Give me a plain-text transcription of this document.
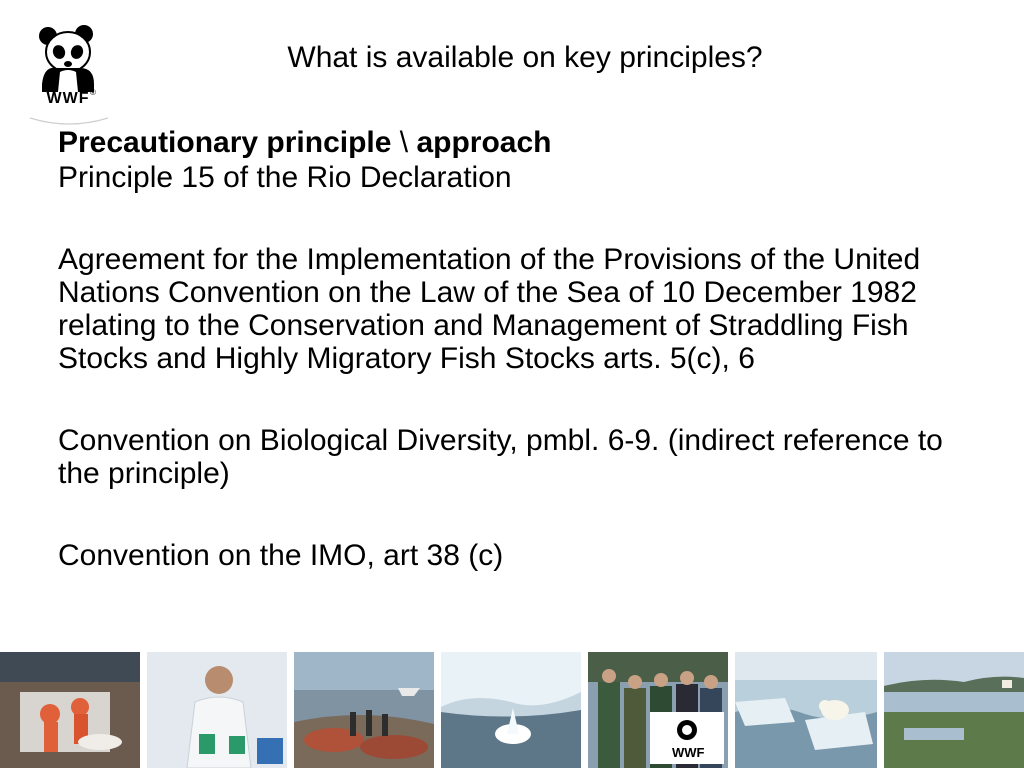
©
®
WWF
What is available on key principles?

Precautionary principle \ approach

Principle 15 of the Rio Declaration

Agreement for the Implementation of the Provisions of the United Nations Convention on the Law of the Sea of 10 December 1982 relating to the Conservation and Management of Straddling Fish Stocks and Highly Migratory Fish Stocks arts. 5(c), 6

Convention on Biological Diversity, pmbl. 6-9. (indirect reference to the principle)

Convention on the IMO, art 38 (c)

WWF
